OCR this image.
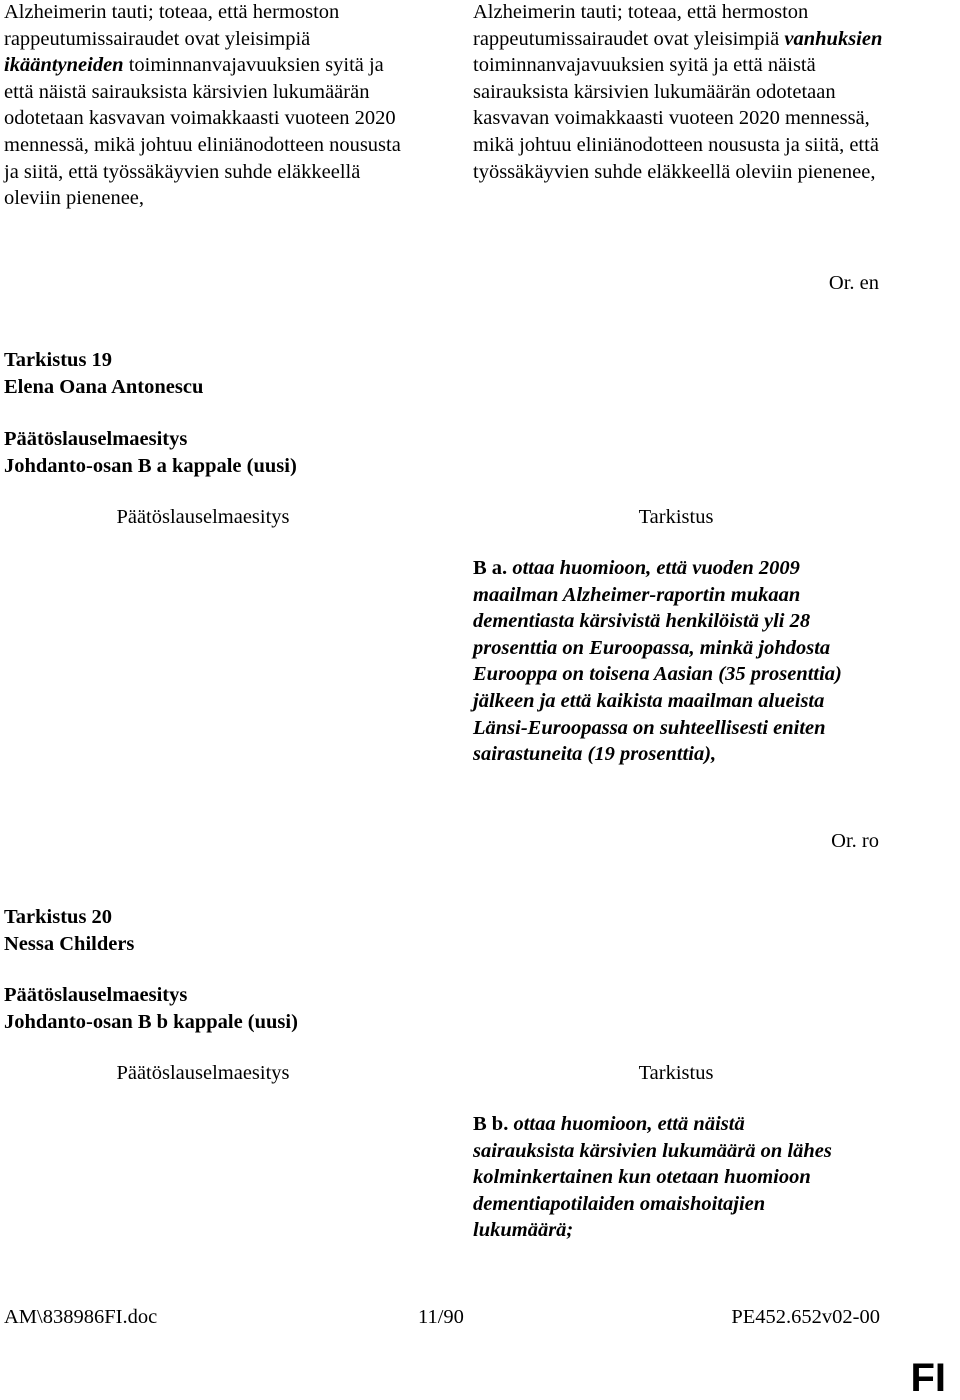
Alzheimerin tauti; toteaa, että hermoston rappeutumissairaudet ovat yleisimpiä ikääntyneiden toiminnanvajavuuksien syitä ja että näistä sairauksista kärsivien lukumäärän odotetaan kasvavan voimakkaasti vuoteen 2020 mennessä, mikä johtuu eliniänodotteen noususta ja siitä, että työssäkäyvien suhde eläkkeellä oleviin pienenee,
Alzheimerin tauti; toteaa, että hermoston rappeutumissairaudet ovat yleisimpiä vanhuksien toiminnanvajavuuksien syitä ja että näistä sairauksista kärsivien lukumäärän odotetaan kasvavan voimakkaasti vuoteen 2020 mennessä, mikä johtuu eliniänodotteen noususta ja siitä, että työssäkäyvien suhde eläkkeellä oleviin pienenee,
Or. en
Tarkistus 19
Elena Oana Antonescu
Päätöslauselmaesitys
Johdanto-osan B a kappale (uusi)
Päätöslauselmaesitys	Tarkistus
B a. ottaa huomioon, että vuoden 2009 maailman Alzheimer-raportin mukaan dementiasta kärsivistä henkilöistä yli 28 prosenttia on Euroopassa, minkä johdosta Eurooppa on toisena Aasian (35 prosenttia) jälkeen ja että kaikista maailman alueista Länsi-Euroopassa on suhteellisesti eniten sairastuneita (19 prosenttia),
Or. ro
Tarkistus 20
Nessa Childers
Päätöslauselmaesitys
Johdanto-osan B b kappale (uusi)
Päätöslauselmaesitys	Tarkistus
B b. ottaa huomioon, että näistä sairauksista kärsivien lukumäärä on lähes kolminkertainen kun otetaan huomioon dementiapotilaiden omaishoitajien lukumäärä;
AM\838986FI.doc	11/90	PE452.652v02-00
FI
